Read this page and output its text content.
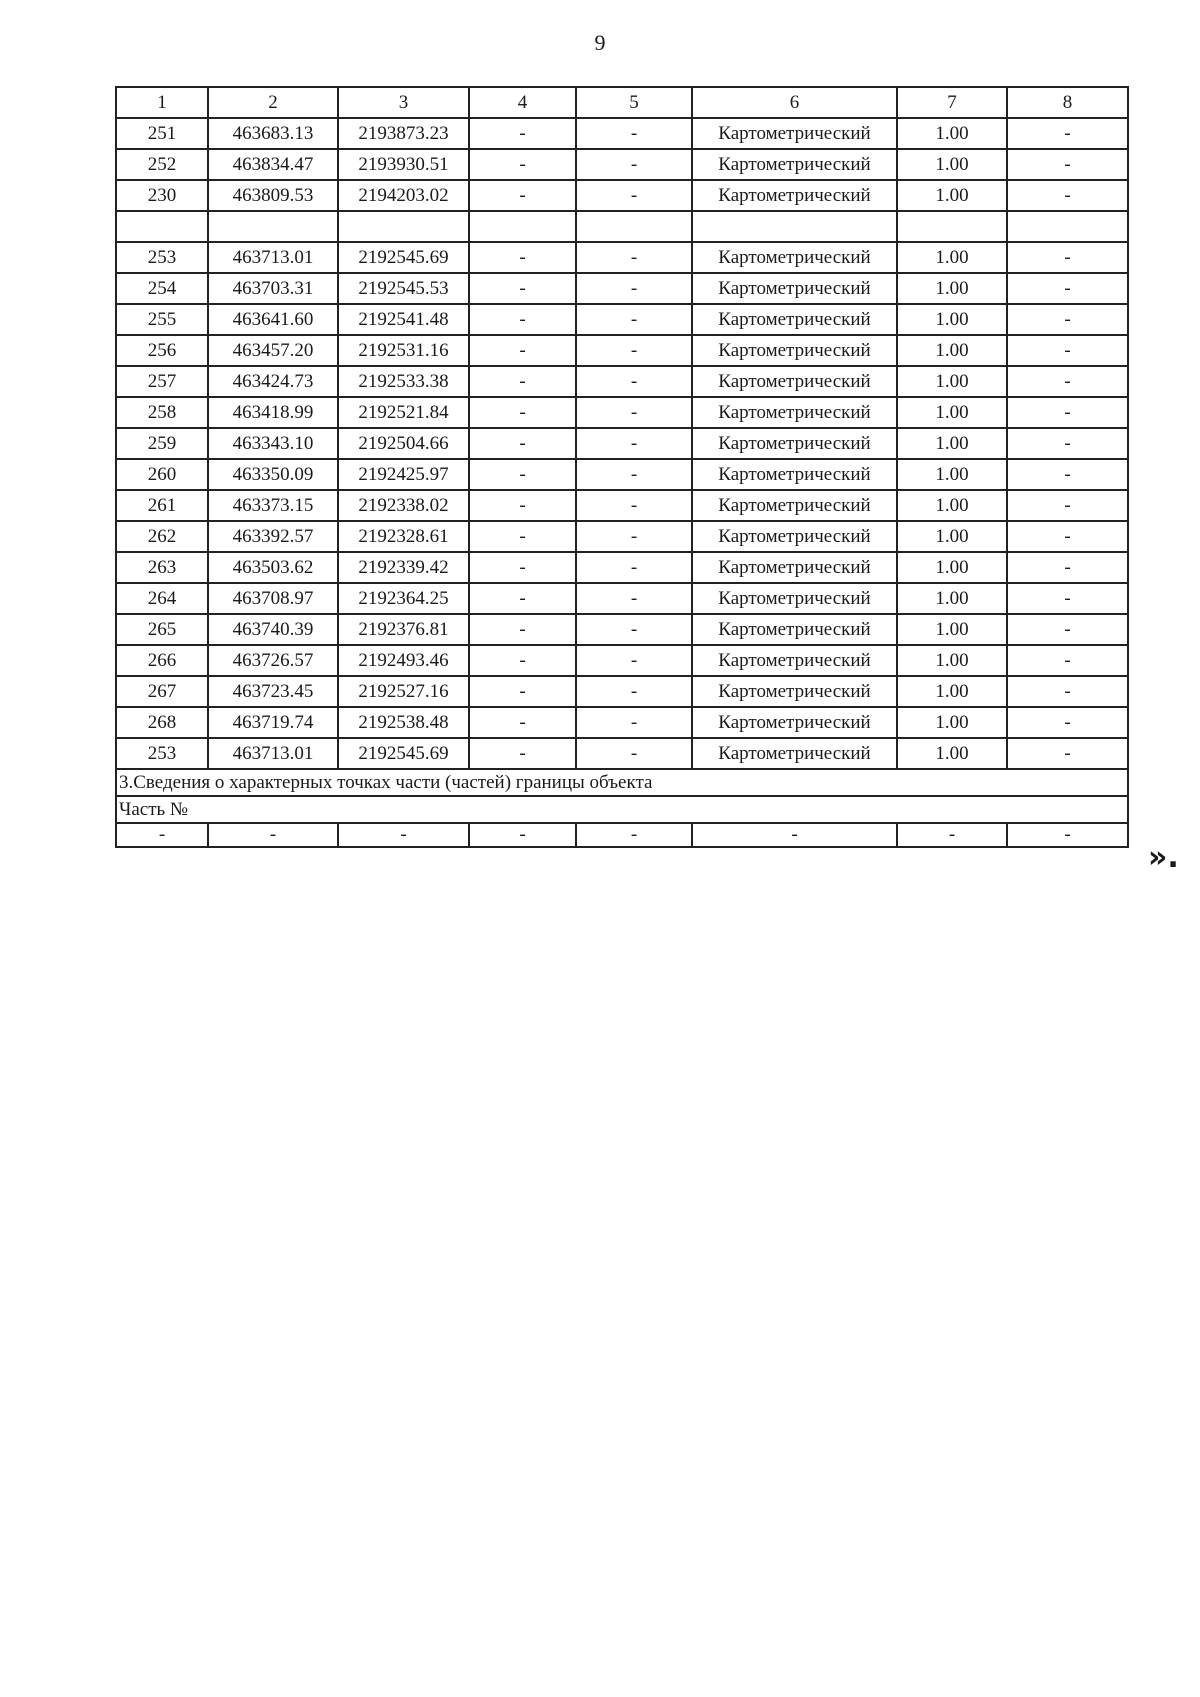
9
1	2	3	4	5	6	7	8
251	463683.13	2193873.23	-	-	Картометрический	1.00	-
252	463834.47	2193930.51	-	-	Картометрический	1.00	-
230	463809.53	2194203.02	-	-	Картометрический	1.00	-

253	463713.01	2192545.69	-	-	Картометрический	1.00	-
254	463703.31	2192545.53	-	-	Картометрический	1.00	-
255	463641.60	2192541.48	-	-	Картометрический	1.00	-
256	463457.20	2192531.16	-	-	Картометрический	1.00	-
257	463424.73	2192533.38	-	-	Картометрический	1.00	-
258	463418.99	2192521.84	-	-	Картометрический	1.00	-
259	463343.10	2192504.66	-	-	Картометрический	1.00	-
260	463350.09	2192425.97	-	-	Картометрический	1.00	-
261	463373.15	2192338.02	-	-	Картометрический	1.00	-
262	463392.57	2192328.61	-	-	Картометрический	1.00	-
263	463503.62	2192339.42	-	-	Картометрический	1.00	-
264	463708.97	2192364.25	-	-	Картометрический	1.00	-
265	463740.39	2192376.81	-	-	Картометрический	1.00	-
266	463726.57	2192493.46	-	-	Картометрический	1.00	-
267	463723.45	2192527.16	-	-	Картометрический	1.00	-
268	463719.74	2192538.48	-	-	Картометрический	1.00	-
253	463713.01	2192545.69	-	-	Картометрический	1.00	-
3.Сведения о характерных точках части (частей) границы объекта							
Часть №							
-	-	-	-	-	-	-	-
».
